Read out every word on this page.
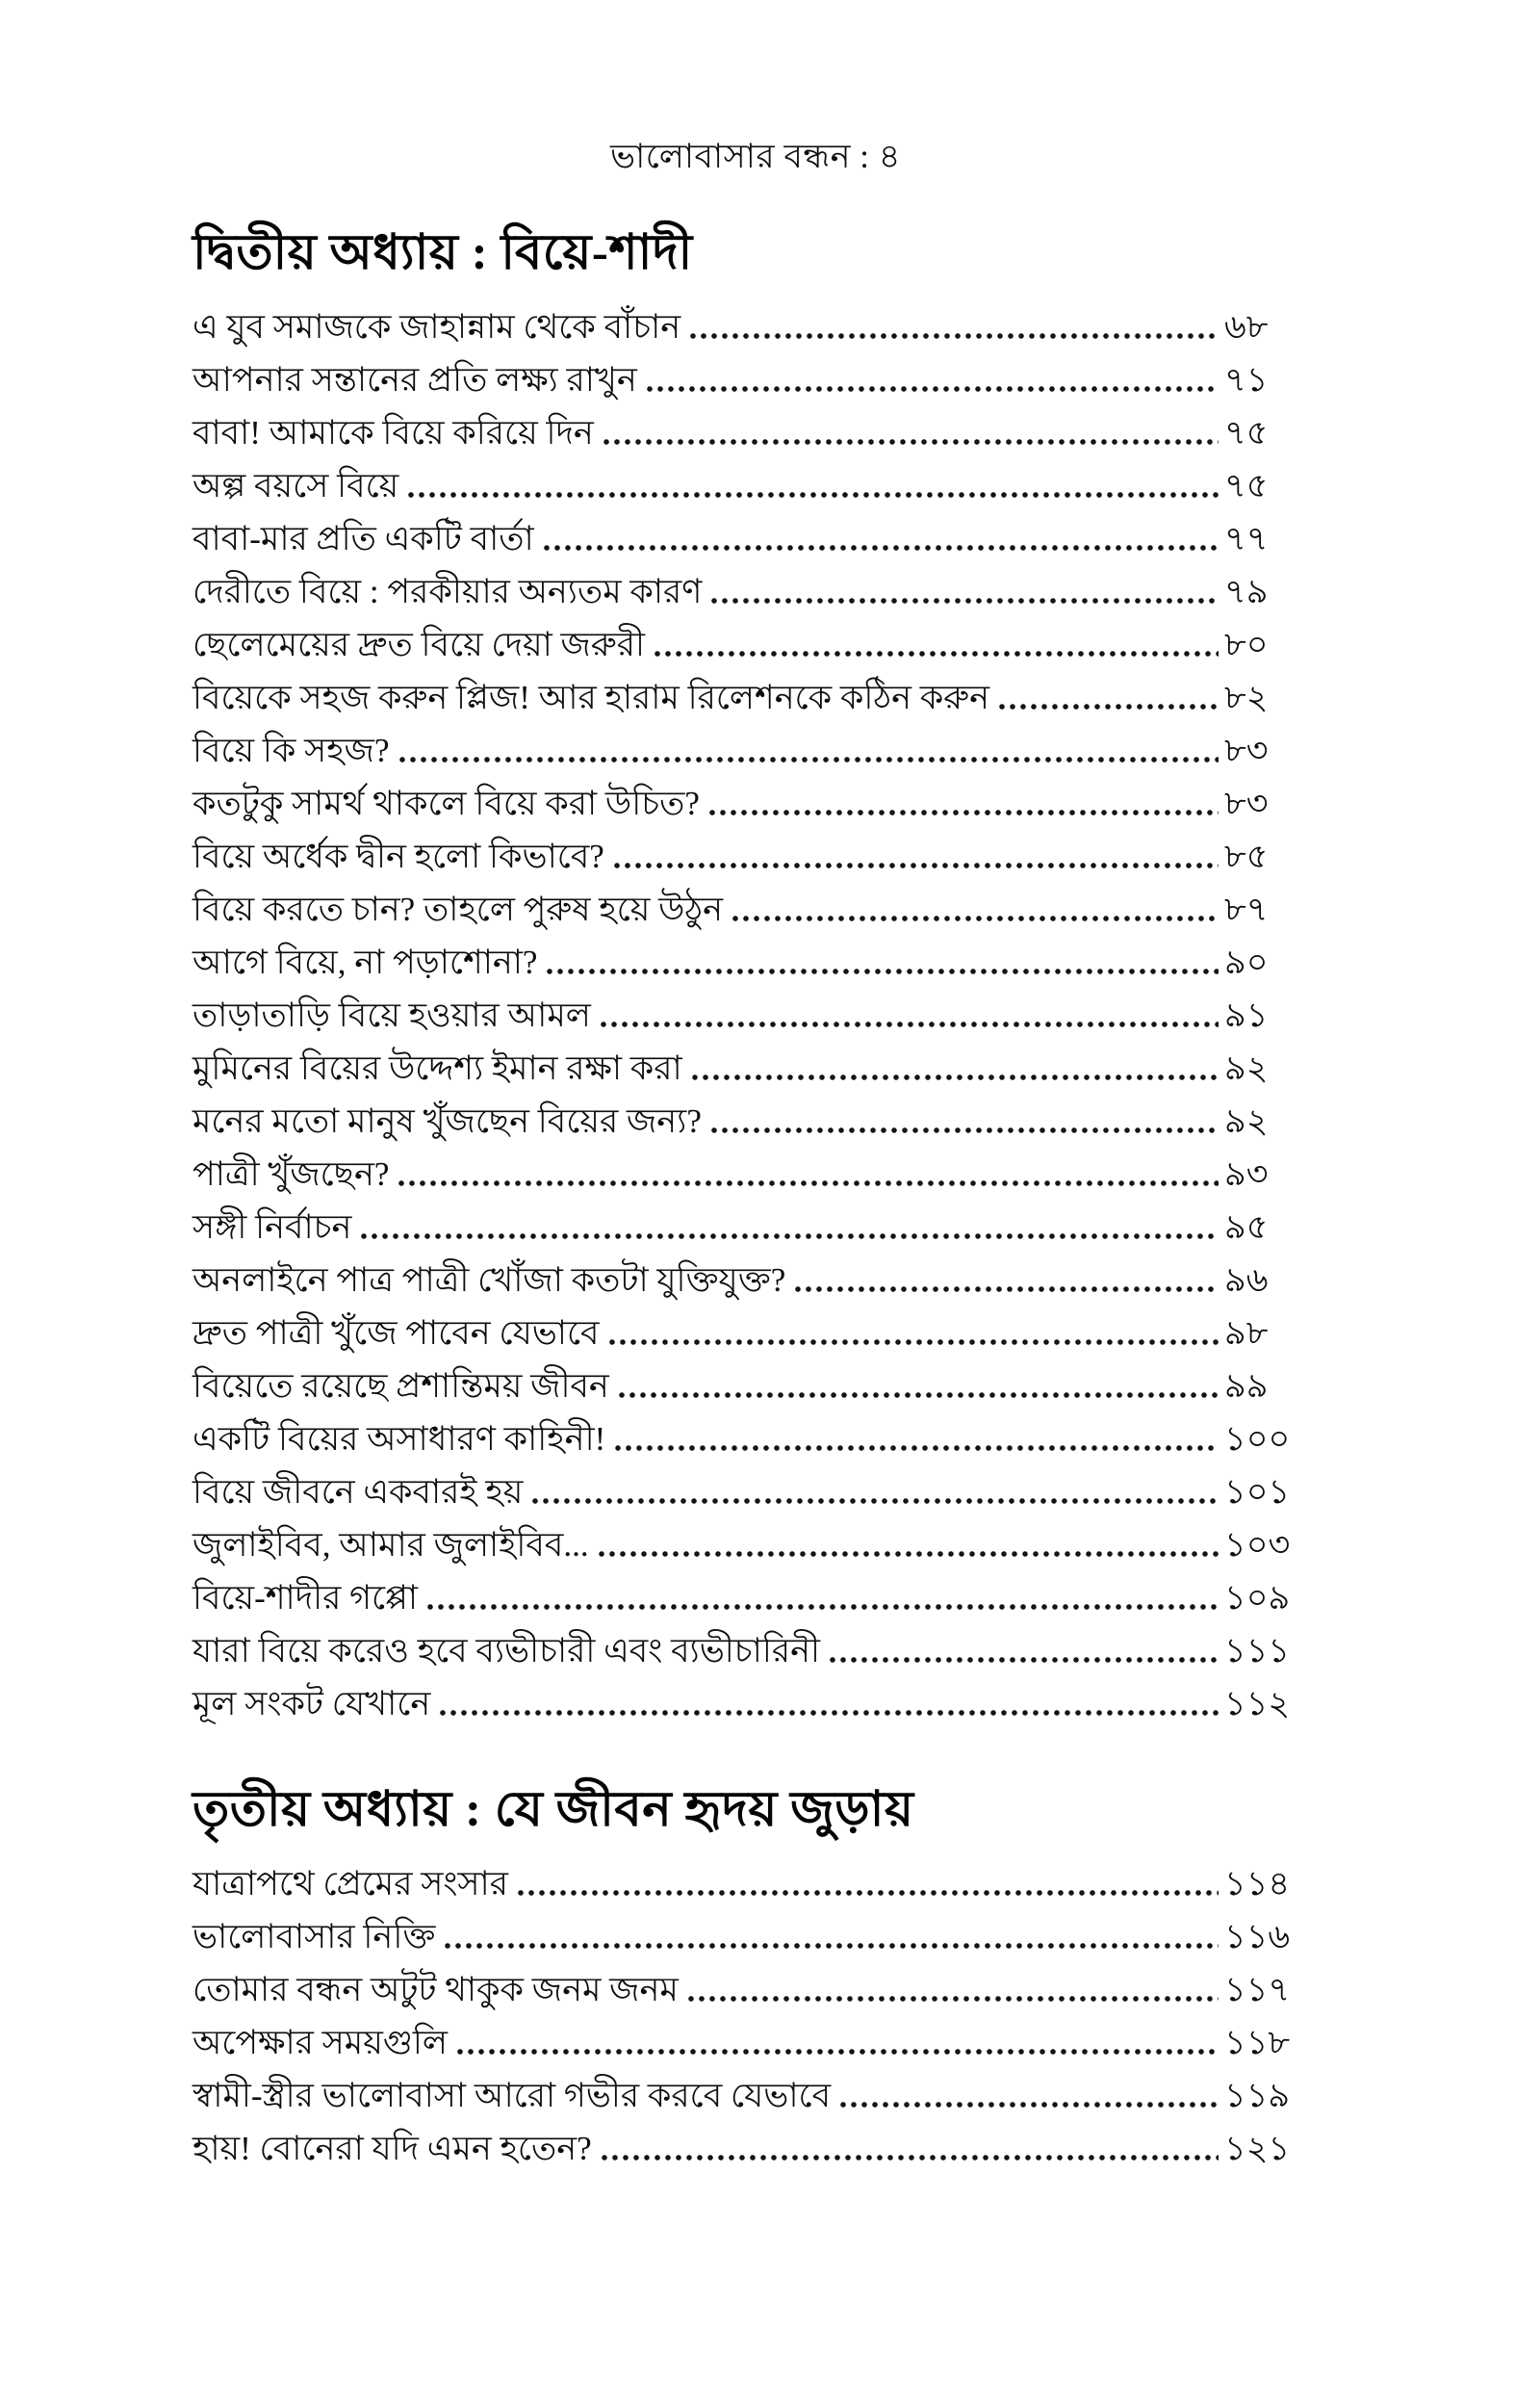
ভালোবাসার বন্ধন : ৪
দ্বিতীয় অধ্যায় : বিয়ে-শাদী
এ যুব সমাজকে জাহান্নাম থেকে বাঁচান	৬৮
আপনার সন্তানের প্রতি লক্ষ্য রাখুন	৭১
বাবা! আমাকে বিয়ে করিয়ে দিন	৭৫
অল্প বয়সে বিয়ে	৭৫
বাবা-মার প্রতি একটি বার্তা	৭৭
দেরীতে বিয়ে : পরকীয়ার অন্যতম কারণ	৭৯
ছেলেমেয়ের দ্রুত বিয়ে দেয়া জরুরী	৮০
বিয়েকে সহজ করুন প্লিজ! আর হারাম রিলেশনকে কঠিন করুন	৮২
বিয়ে কি সহজ?	৮৩
কতটুকু সামর্থ থাকলে বিয়ে করা উচিত?	৮৩
বিয়ে অর্ধেক দ্বীন হলো কিভাবে?	৮৫
বিয়ে করতে চান? তাহলে পুরুষ হয়ে উঠুন	৮৭
আগে বিয়ে, না পড়াশোনা?	৯০
তাড়াতাড়ি বিয়ে হওয়ার আমল	৯১
মুমিনের বিয়ের উদ্দেশ্য ইমান রক্ষা করা	৯২
মনের মতো মানুষ খুঁজছেন বিয়ের জন্য?	৯২
পাত্রী খুঁজছেন?	৯৩
সঙ্গী নির্বাচন	৯৫
অনলাইনে পাত্র পাত্রী খোঁজা কতটা যুক্তিযুক্ত?	৯৬
দ্রুত পাত্রী খুঁজে পাবেন যেভাবে	৯৮
বিয়েতে রয়েছে প্রশান্তিময় জীবন	৯৯
একটি বিয়ের অসাধারণ কাহিনী!	১০০
বিয়ে জীবনে একবারই হয়	১০১
জুলাইবিব, আমার জুলাইবিব...	১০৩
বিয়ে-শাদীর গপ্পো	১০৯
যারা বিয়ে করেও হবে ব্যভীচারী এবং ব্যভীচারিনী	১১১
মূল সংকট যেখানে	১১২
তৃতীয় অধ্যায় : যে জীবন হৃদয় জুড়ায়
যাত্রাপথে প্রেমের সংসার	১১৪
ভালোবাসার নিক্তি	১১৬
তোমার বন্ধন অটুট থাকুক জনম জনম	১১৭
অপেক্ষার সময়গুলি	১১৮
স্বামী-স্ত্রীর ভালোবাসা আরো গভীর করবে যেভাবে	১১৯
হায়! বোনেরা যদি এমন হতেন?	১২১
